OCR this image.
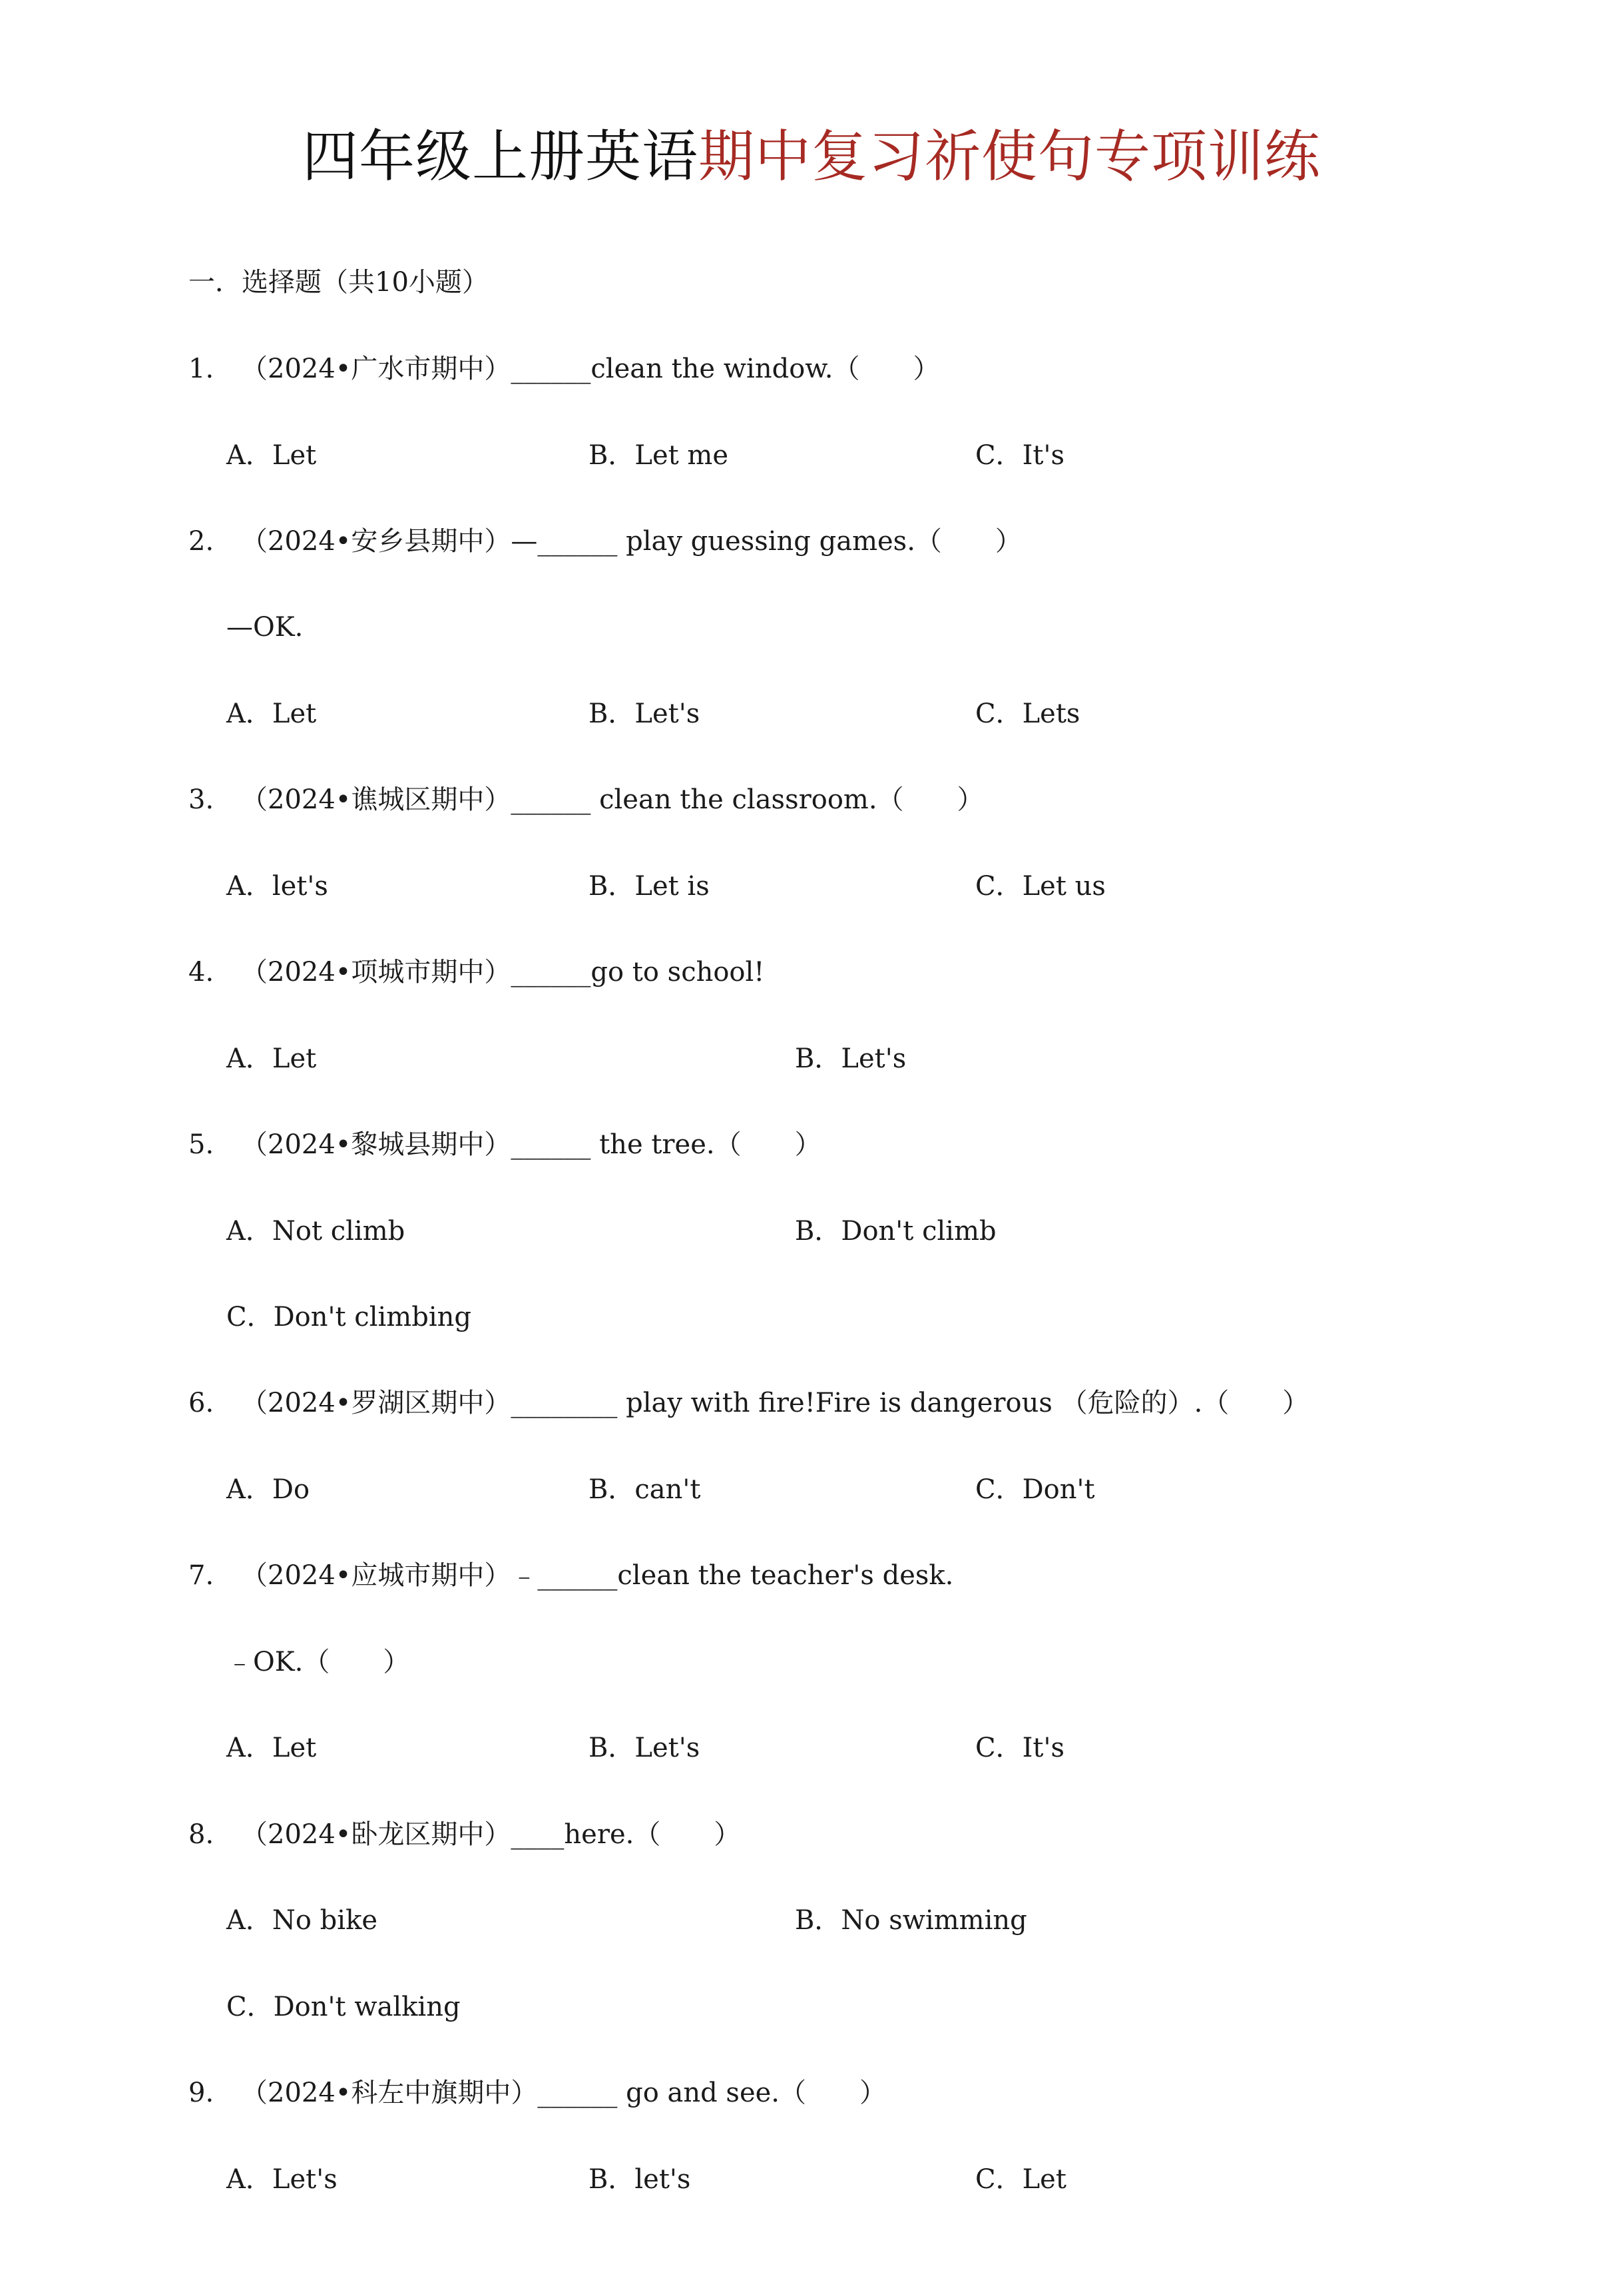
四年级上册英语期中复习祈使句专项训练
一．选择题（共10小题）
1. （2024•广水市期中）______clean the window.（　　）
A．Let	B．Let me	C．It's
2. （2024•安乡县期中）—______ play guessing games.（　　）
—OK.
A．Let	B．Let's	C．Lets
3. （2024•谯城区期中）______ clean the classroom.（　　）
A．let's	B．Let is	C．Let us
4. （2024•项城市期中）______go to school!
A．Let	B．Let's
5. （2024•黎城县期中）______ the tree.（　　）
A．Not climb	B．Don't climb
C．Don't climbing
6. （2024•罗湖区期中）________ play with fire!Fire is dangerous （危险的）.（　　）
A．Do	B．can't	C．Don't
7. （2024•应城市期中）﹣______clean the teacher's desk.
﹣OK.（　　）
A．Let	B．Let's	C．It's
8. （2024•卧龙区期中）____here.（　　）
A．No bike	B．No swimming
C．Don't walking
9. （2024•科左中旗期中）______ go and see.（　　）
A．Let's	B．let's	C．Let
